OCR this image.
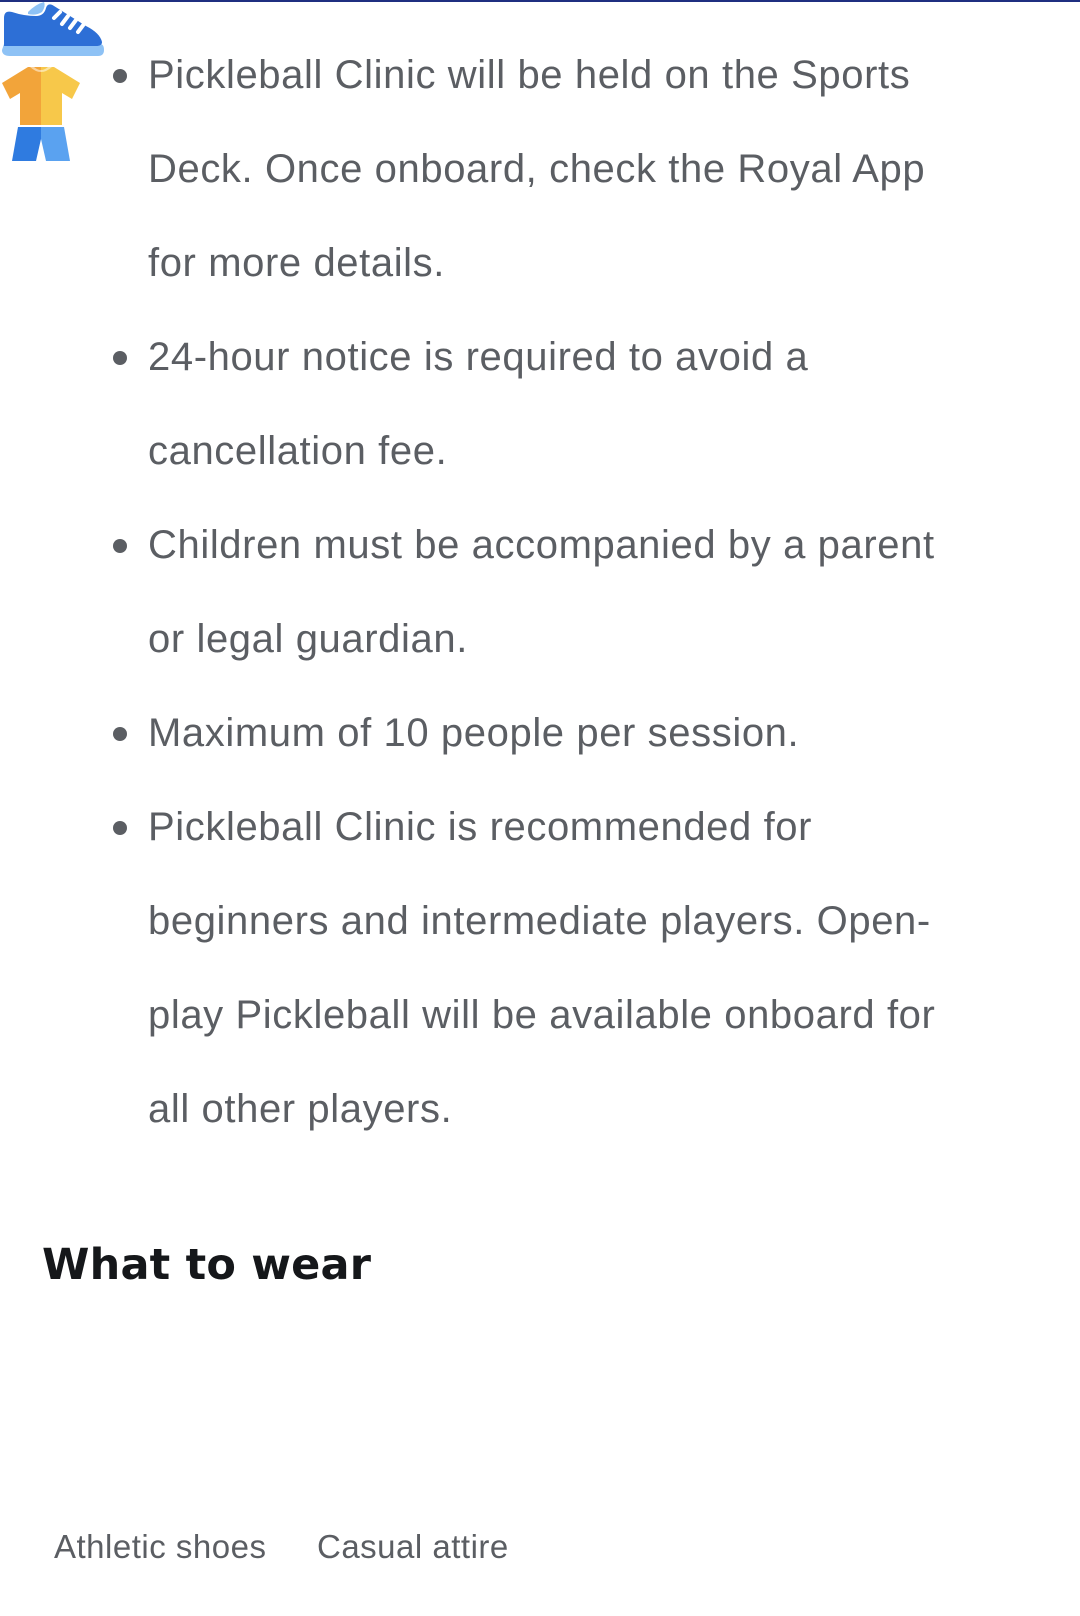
Pickleball Clinic will be held on the Sports Deck. Once onboard, check the Royal App for more details.
24-hour notice is required to avoid a cancellation fee.
Children must be accompanied by a parent or legal guardian.
Maximum of 10 people per session.
Pickleball Clinic is recommended for beginners and intermediate players. Open-play Pickleball will be available onboard for all other players.
What to wear
Athletic shoes Casual attire
